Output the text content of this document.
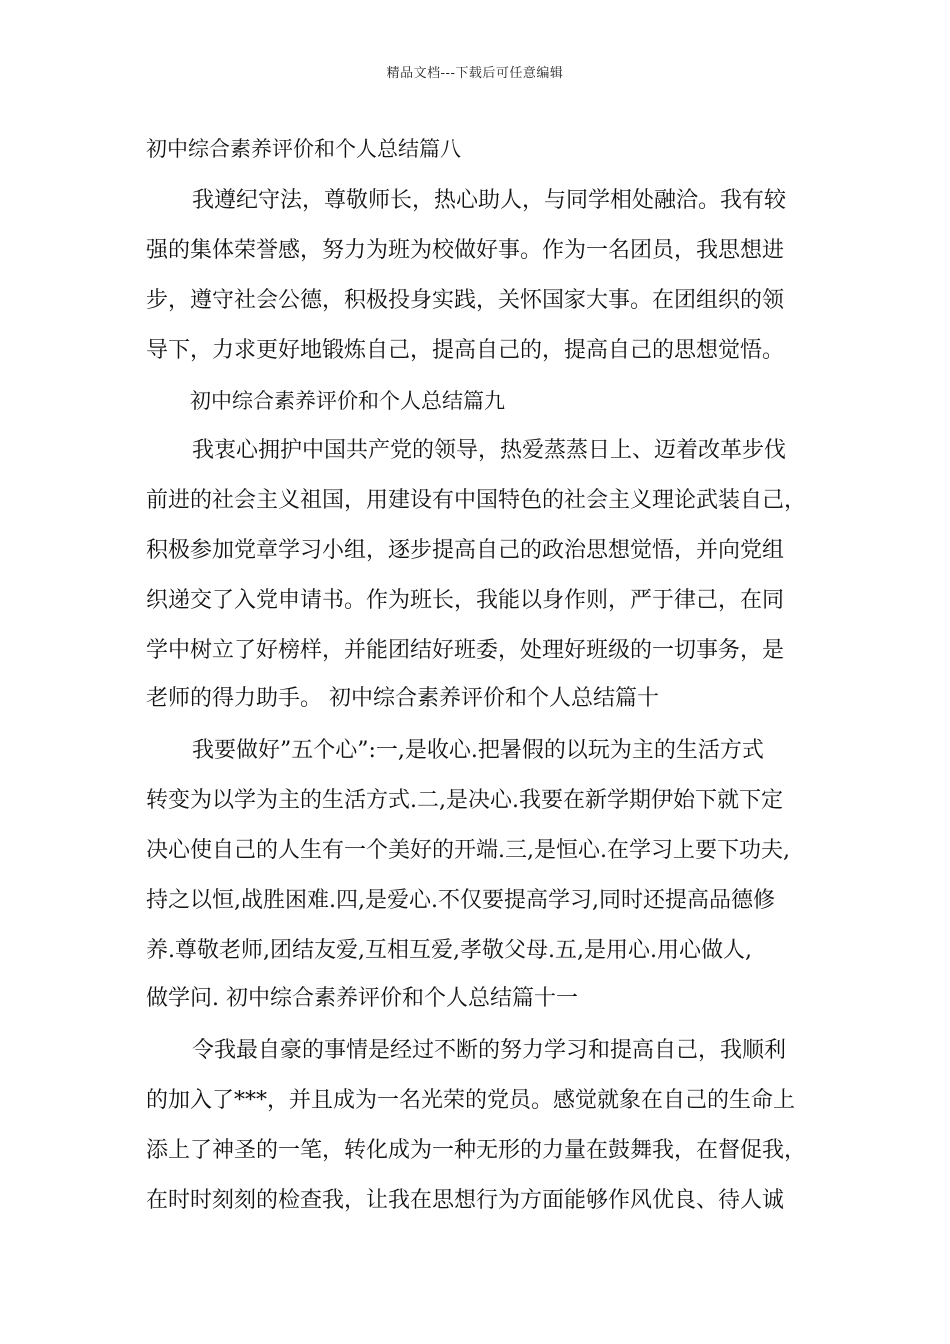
精品文档---下载后可任意编辑
初中综合素养评价和个人总结篇八
我遵纪守法，尊敬师长，热心助人，与同学相处融洽。我有较
强的集体荣誉感，努力为班为校做好事。作为一名团员，我思想进
步，遵守社会公德，积极投身实践，关怀国家大事。在团组织的领
导下，力求更好地锻炼自己，提高自己的，提高自己的思想觉悟。
初中综合素养评价和个人总结篇九
我衷心拥护中国共产党的领导，热爱蒸蒸日上、迈着改革步伐
前进的社会主义祖国，用建设有中国特色的社会主义理论武装自己，
积极参加党章学习小组，逐步提高自己的政治思想觉悟，并向党组
织递交了入党申请书。作为班长，我能以身作则，严于律己，在同
学中树立了好榜样，并能团结好班委，处理好班级的一切事务，是
老师的得力助手。 初中综合素养评价和个人总结篇十
我要做好”五个心”:一,是收心.把暑假的以玩为主的生活方式
转变为以学为主的生活方式.二,是决心.我要在新学期伊始下就下定
决心使自己的人生有一个美好的开端.三,是恒心.在学习上要下功夫,
持之以恒,战胜困难.四,是爱心.不仅要提高学习,同时还提高品德修
养.尊敬老师,团结友爱,互相互爱,孝敬父母.五,是用心.用心做人,
做学问. 初中综合素养评价和个人总结篇十一
令我最自豪的事情是经过不断的努力学习和提高自己，我顺利
的加入了***，并且成为一名光荣的党员。感觉就象在自己的生命上
添上了神圣的一笔，转化成为一种无形的力量在鼓舞我，在督促我，
在时时刻刻的检查我，让我在思想行为方面能够作风优良、待人诚
